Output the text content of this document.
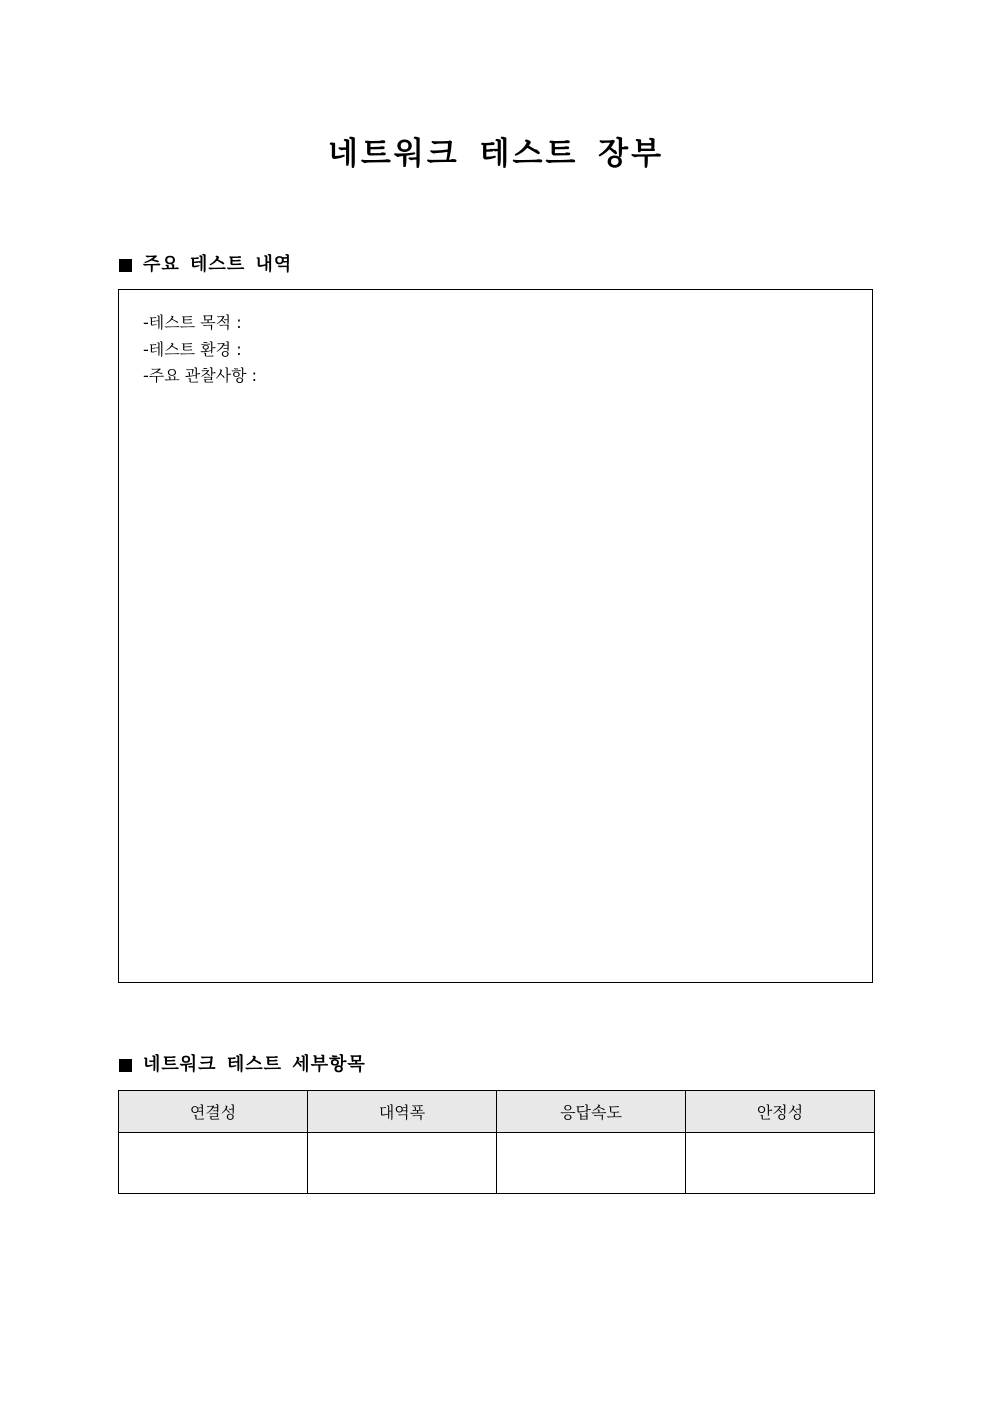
네트워크 테스트 장부
주요 테스트 내역
-테스트 목적 :
-테스트 환경 :
-주요 관찰사항 :
네트워크 테스트 세부항목
연결성	대역폭	응답속도	안정성
